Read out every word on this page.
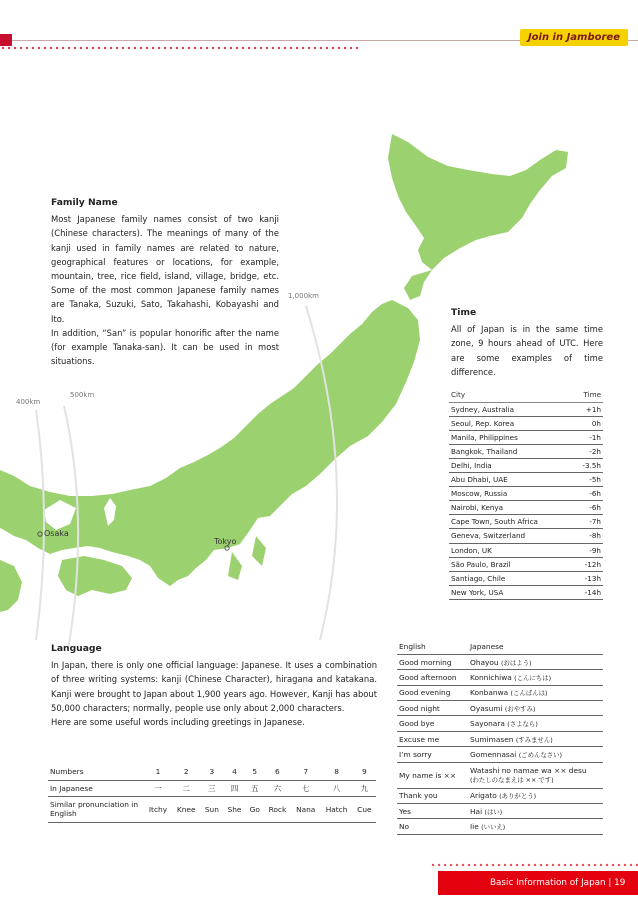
400km
500km
1,000km
Osaka
Tokyo
Join in Jamboree
Family Name

Most Japanese family names consist of two kanji (Chinese characters). The meanings of many of the kanji used in family names are related to nature, geographical features or locations, for example, mountain, tree, rice field, island, village, bridge, etc. Some of the most common Japanese family names are Tanaka, Suzuki, Sato, Takahashi, Kobayashi and Ito.

In addition, “San” is popular honorific after the name (for example Tanaka-san). It can be used in most situations.

Time

All of Japan is in the same time zone, 9 hours ahead of UTC. Here are some examples of time difference.

City	Time
Sydney, Australia	+1h
Seoul, Rep. Korea	0h
Manila, Philippines	-1h
Bangkok, Thailand	-2h
Delhi, India	-3.5h
Abu Dhabi, UAE	-5h
Moscow, Russia	-6h
Nairobi, Kenya	-6h
Cape Town, South Africa	-7h
Geneva, Switzerland	-8h
London, UK	-9h
São Paulo, Brazil	-12h
Santiago, Chile	-13h
New York, USA	-14h
Language

In Japan, there is only one official language: Japanese. It uses a combination of three writing systems: kanji (Chinese Character), hiragana and katakana. Kanji were brought to Japan about 1,900 years ago. However, Kanji has about 50,000 characters; normally, people use only about 2,000 characters.

Here are some useful words including greetings in Japanese.

Numbers	1	2	3	4	5	6	7	8	9
In Japanese	一	二	三	四	五	六	七	八	九
Similar pronunciation in English	Itchy	Knee	Sun	She	Go	Rock	Nana	Hatch	Cue
English	Japanese
Good morning	Ohayou (おはよう)
Good afternoon	Konnichiwa (こんにちは)
Good evening	Konbanwa (こんばんは)
Good night	Oyasumi (おやすみ)
Good bye	Sayonara (さよなら)
Excuse me	Sumimasen (すみません)
I’m sorry	Gomennasai (ごめんなさい)
My name is ××	Watashi no namae wa ×× desu
(わたしのなまえは ×× です)
Thank you	Arigato (ありがとう)
Yes	Hai (はい)
No	Iie (いいえ)
Basic Information of Japan | 19
